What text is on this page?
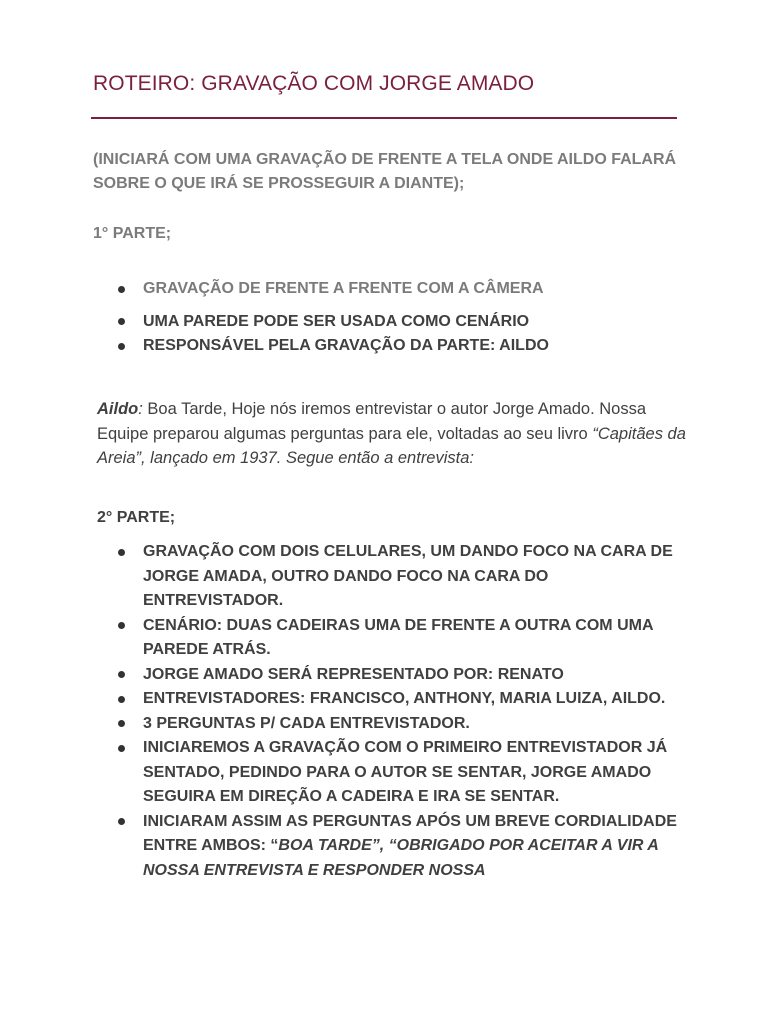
ROTEIRO: GRAVAÇÃO COM JORGE AMADO
(INICIARÁ COM UMA GRAVAÇÃO DE FRENTE A TELA ONDE AILDO FALARÁ SOBRE O QUE IRÁ SE PROSSEGUIR A DIANTE);
1° PARTE;
GRAVAÇÃO DE FRENTE A FRENTE COM A CÂMERA
UMA PAREDE PODE SER USADA COMO CENÁRIO
RESPONSÁVEL PELA GRAVAÇÃO DA PARTE: AILDO
Aildo: Boa Tarde, Hoje nós iremos entrevistar o autor Jorge Amado. Nossa Equipe preparou algumas perguntas para ele, voltadas ao seu livro “Capitães da Areia”, lançado em 1937. Segue então a entrevista:
2° PARTE;
GRAVAÇÃO COM DOIS CELULARES, UM DANDO FOCO NA CARA DE JORGE AMADA, OUTRO DANDO FOCO NA CARA DO ENTREVISTADOR.
CENÁRIO: DUAS CADEIRAS UMA DE FRENTE A OUTRA COM UMA PAREDE ATRÁS.
JORGE AMADO SERÁ REPRESENTADO POR: RENATO
ENTREVISTADORES: FRANCISCO, ANTHONY, MARIA LUIZA, AILDO.
3 PERGUNTAS P/ CADA ENTREVISTADOR.
INICIAREMOS A GRAVAÇÃO COM O PRIMEIRO ENTREVISTADOR JÁ SENTADO, PEDINDO PARA O AUTOR SE SENTAR, JORGE AMADO SEGUIRA EM DIREÇÃO A CADEIRA E IRA SE SENTAR.
INICIARAM ASSIM AS PERGUNTAS APÓS UM BREVE CORDIALIDADE ENTRE AMBOS: “BOA TARDE”, “OBRIGADO POR ACEITAR A VIR A NOSSA ENTREVISTA E RESPONDER NOSSA
